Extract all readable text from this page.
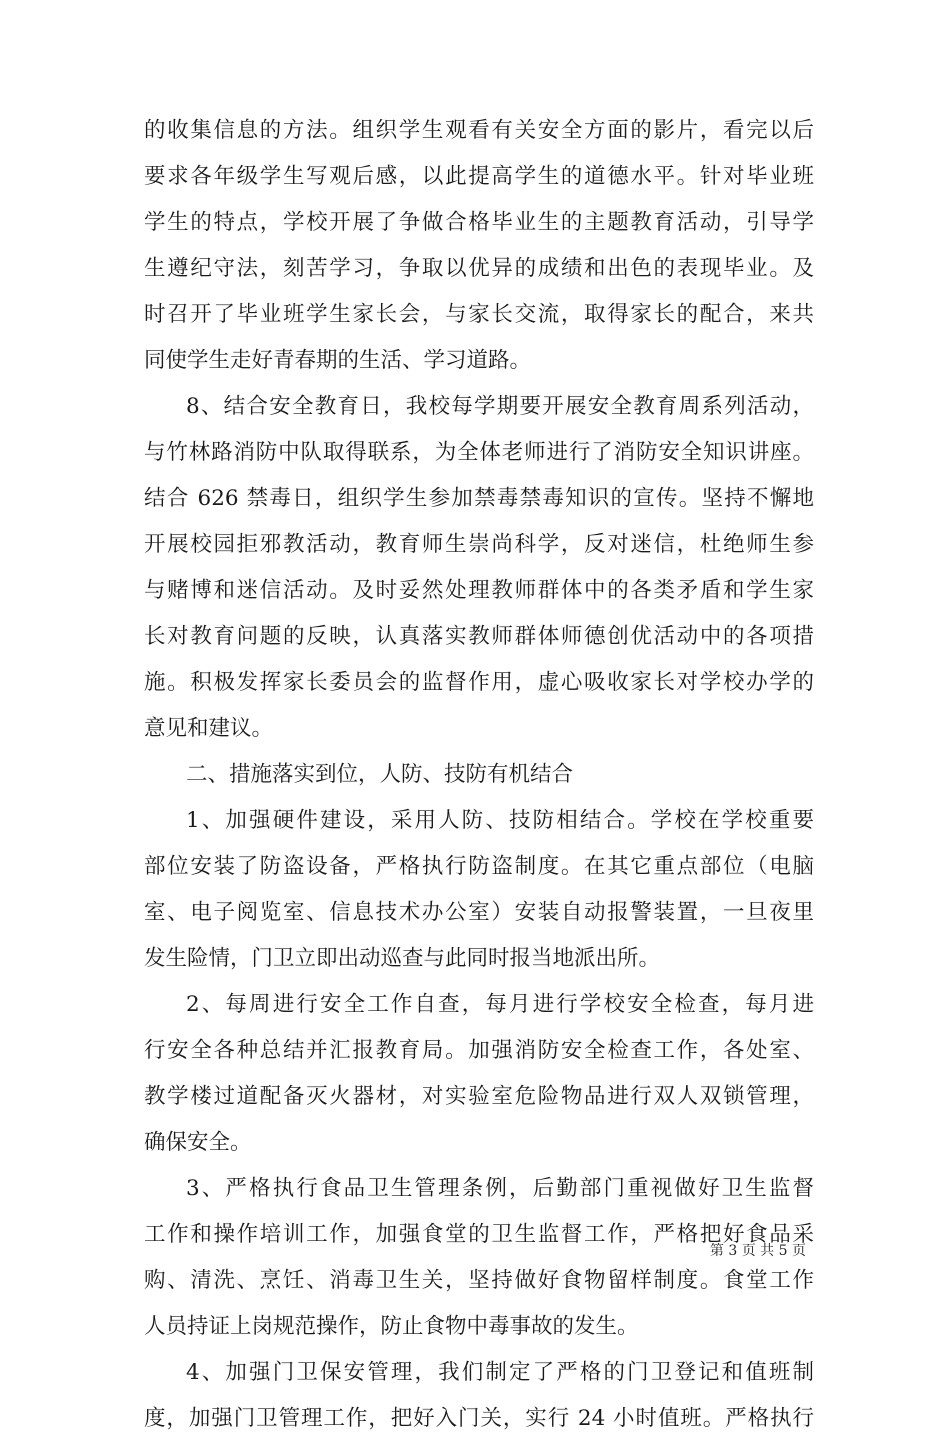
的收集信息的方法。组织学生观看有关安全方面的影片，看完以后
要求各年级学生写观后感，以此提高学生的道德水平。针对毕业班
学生的特点，学校开展了争做合格毕业生的主题教育活动，引导学
生遵纪守法，刻苦学习，争取以优异的成绩和出色的表现毕业。及
时召开了毕业班学生家长会，与家长交流，取得家长的配合，来共
同使学生走好青春期的生活、学习道路。
8、结合安全教育日，我校每学期要开展安全教育周系列活动，
与竹林路消防中队取得联系，为全体老师进行了消防安全知识讲座。
结合 626 禁毒日，组织学生参加禁毒禁毒知识的宣传。坚持不懈地
开展校园拒邪教活动，教育师生崇尚科学，反对迷信，杜绝师生参
与赌博和迷信活动。及时妥然处理教师群体中的各类矛盾和学生家
长对教育问题的反映，认真落实教师群体师德创优活动中的各项措
施。积极发挥家长委员会的监督作用，虚心吸收家长对学校办学的
意见和建议。
二、措施落实到位，人防、技防有机结合
1、加强硬件建设，采用人防、技防相结合。学校在学校重要
部位安装了防盗设备，严格执行防盗制度。在其它重点部位（电脑
室、电子阅览室、信息技术办公室）安装自动报警装置，一旦夜里
发生险情，门卫立即出动巡查与此同时报当地派出所。
2、每周进行安全工作自查，每月进行学校安全检查，每月进
行安全各种总结并汇报教育局。加强消防安全检查工作，各处室、
教学楼过道配备灭火器材，对实验室危险物品进行双人双锁管理，
确保安全。
3、严格执行食品卫生管理条例，后勤部门重视做好卫生监督
工作和操作培训工作，加强食堂的卫生监督工作，严格把好食品采
购、清洗、烹饪、消毒卫生关，坚持做好食物留样制度。食堂工作
人员持证上岗规范操作，防止食物中毒事故的发生。
4、加强门卫保安管理，我们制定了严格的门卫登记和值班制
度，加强门卫管理工作，把好入门关，实行 24 小时值班。严格执行
第 3 页 共 5 页
